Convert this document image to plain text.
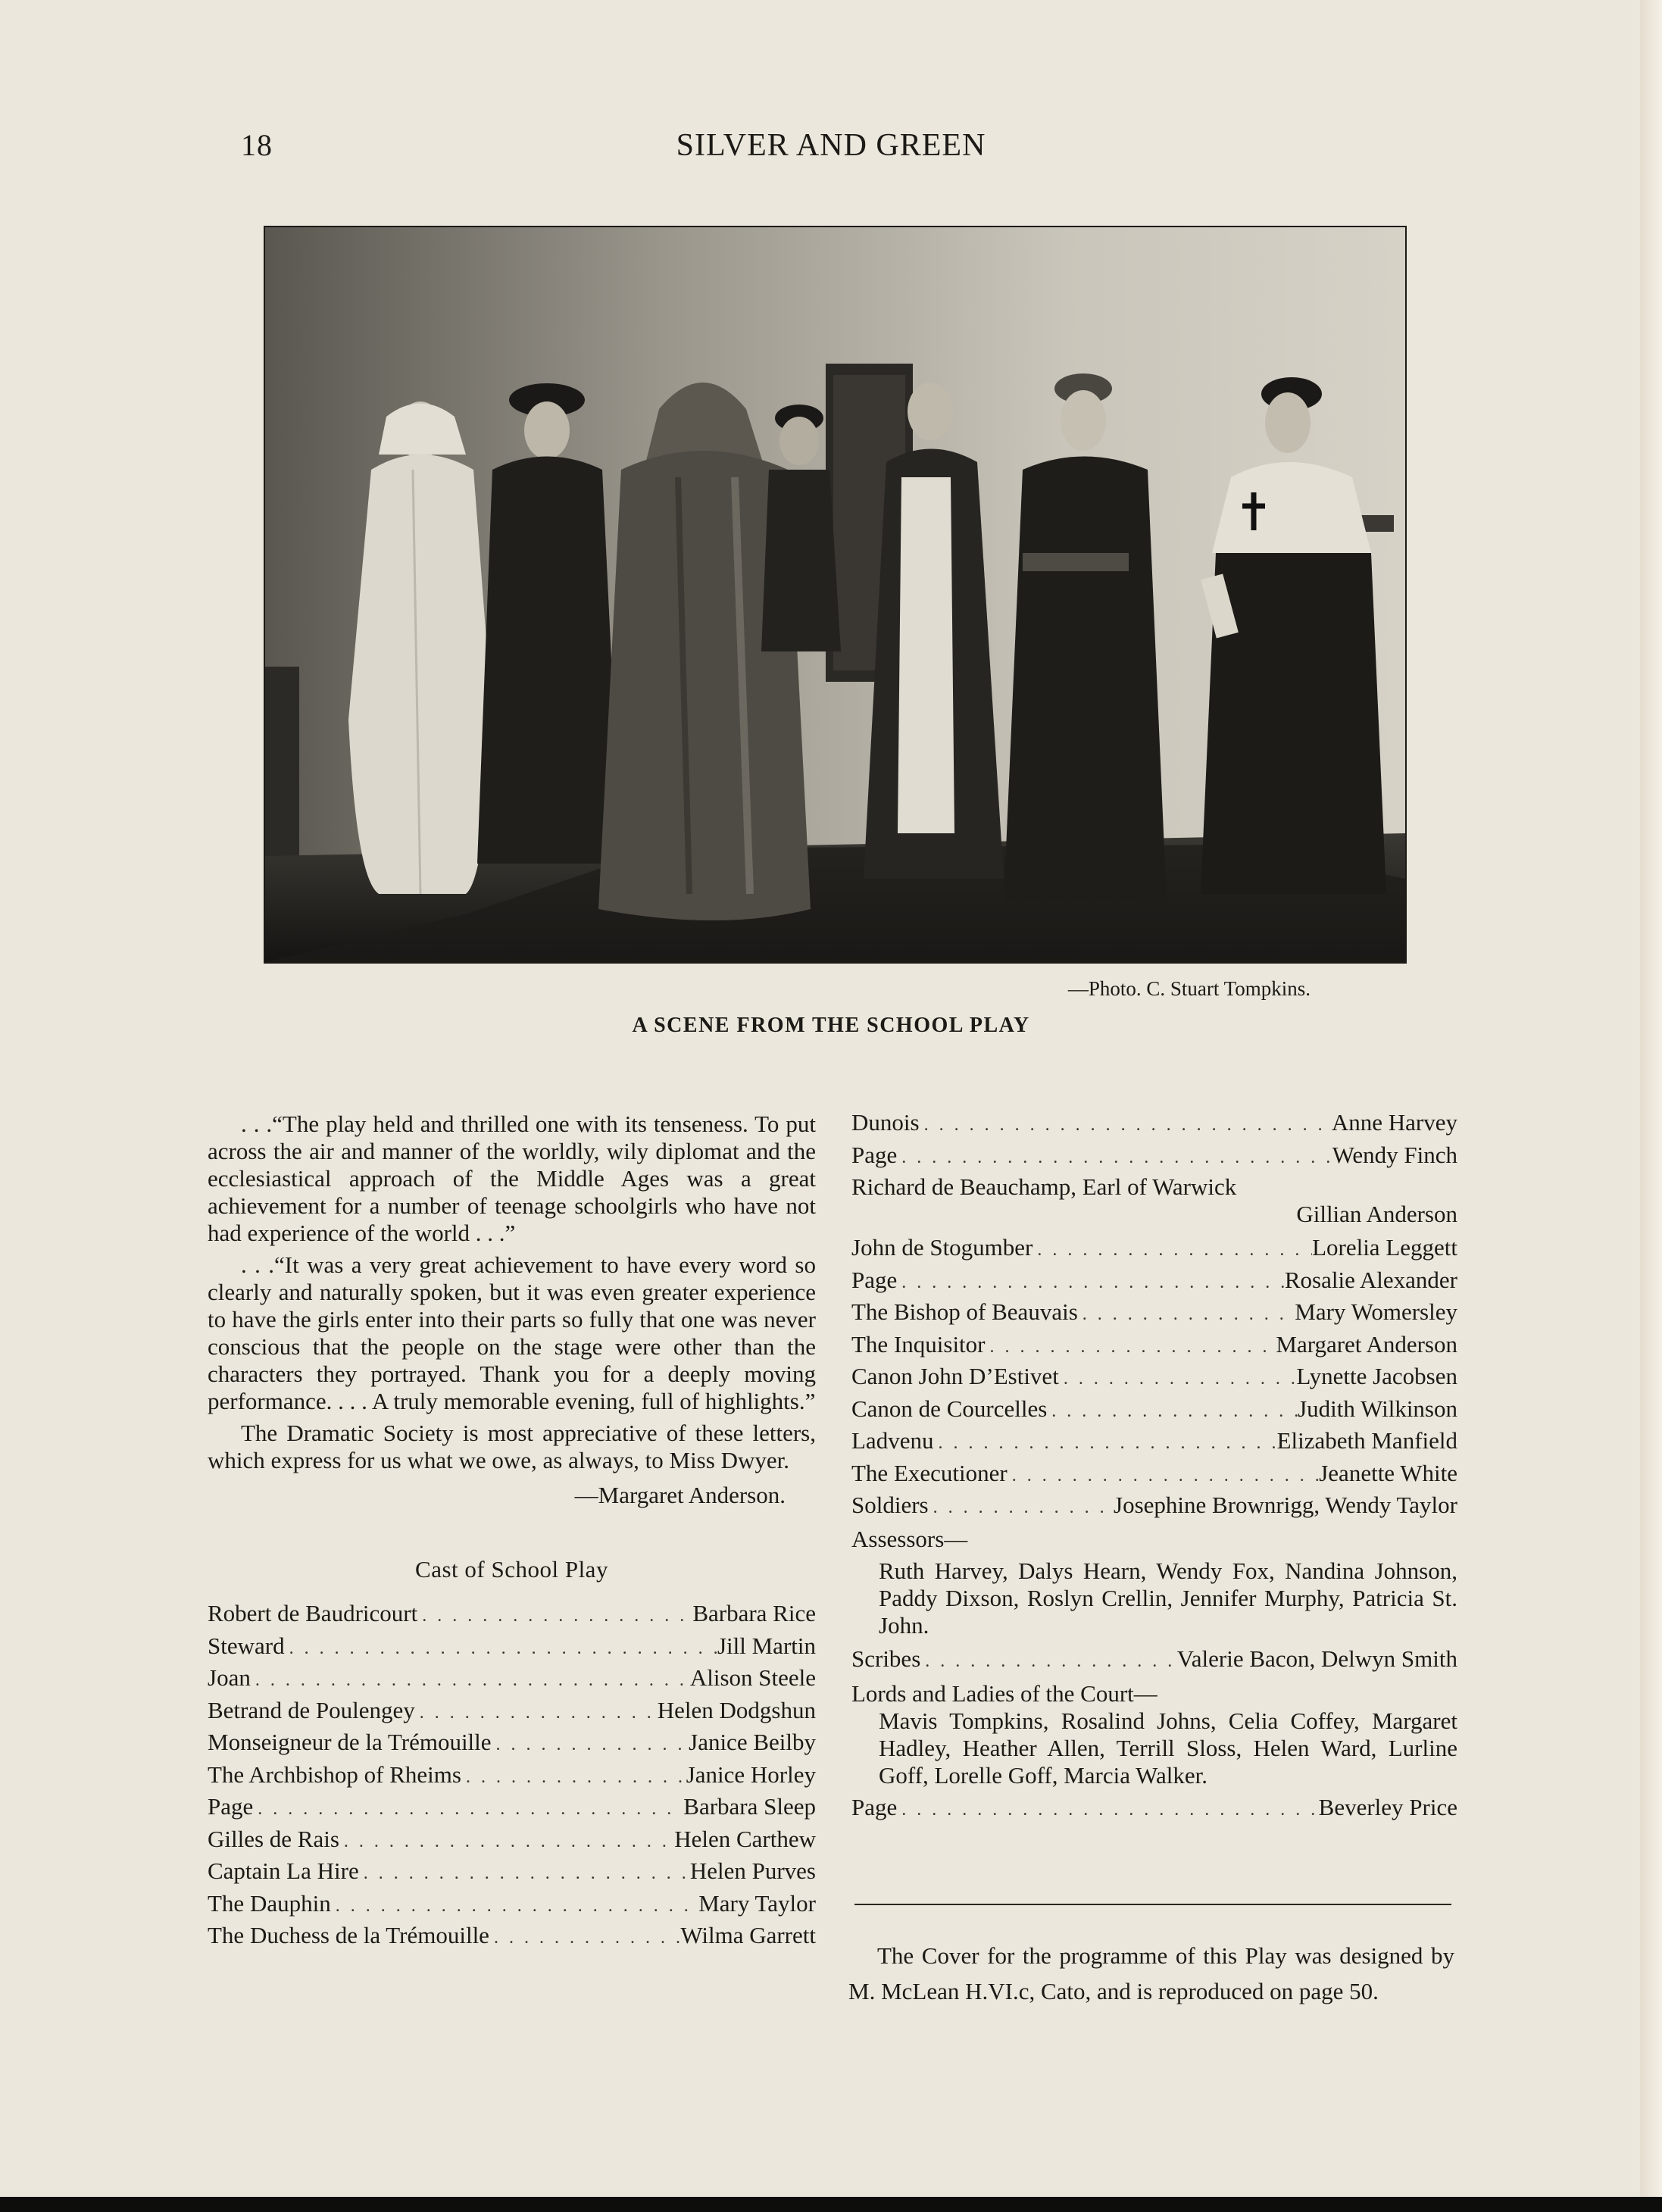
18	SILVER AND GREEN
—Photo. C. Stuart Tompkins.
A SCENE FROM THE SCHOOL PLAY

. . .“The play held and thrilled one with its tenseness. To put across the air and manner of the worldly, wily diplomat and the ecclesiastical approach of the Middle Ages was a great achievement for a number of teenage schoolgirls who have not had experience of the world . . .”

. . .“It was a very great achievement to have every word so clearly and naturally spoken, but it was even greater experience to have the girls enter into their parts so fully that one was never conscious that the people on the stage were other than the characters they portrayed. Thank you for a deeply moving performance. . . . A truly memorable evening, full of highlights.”

The Dramatic Society is most appreciative of these letters, which express for us what we owe, as always, to Miss Dwyer.

—Margaret Anderson.
Cast of School Play
Robert de Baudricourt . . .	Barbara Rice
Steward . . .	Jill Martin
Joan . . .	Alison Steele
Betrand de Poulengey . . .	Helen Dodgshun
Monseigneur de la Trémouille . . .	Janice Beilby
The Archbishop of Rheims . . .	Janice Horley
Page . . .	Barbara Sleep
Gilles de Rais . . .	Helen Carthew
Captain La Hire . . .	Helen Purves
The Dauphin . . .	Mary Taylor
The Duchess de la Trémouille . . .	Wilma Garrett
Dunois . . .	Anne Harvey
Page . . .	Wendy Finch
Richard de Beauchamp, Earl of Warwick
Gillian Anderson
John de Stogumber . . .	Lorelia Leggett
Page . . .	Rosalie Alexander
The Bishop of Beauvais . . .	Mary Womersley
The Inquisitor . . .	Margaret Anderson
Canon John D’Estivet . . .	Lynette Jacobsen
Canon de Courcelles . . .	Judith Wilkinson
Ladvenu . . .	Elizabeth Manfield
The Executioner . . .	Jeanette White
Soldiers . . .	Josephine Brownrigg, Wendy Taylor
Assessors—
Ruth Harvey, Dalys Hearn, Wendy Fox, Nandina Johnson, Paddy Dixson, Roslyn Crellin, Jennifer Murphy, Patricia St. John.
Scribes . . .	Valerie Bacon, Delwyn Smith
Lords and Ladies of the Court—
Mavis Tompkins, Rosalind Johns, Celia Coffey, Margaret Hadley, Heather Allen, Terrill Sloss, Helen Ward, Lurline Goff, Lorelle Goff, Marcia Walker.
Page . . .	Beverley Price
The Cover for the programme of this Play was designed by M. McLean H.VI.c, Cato, and is reproduced on page 50.
